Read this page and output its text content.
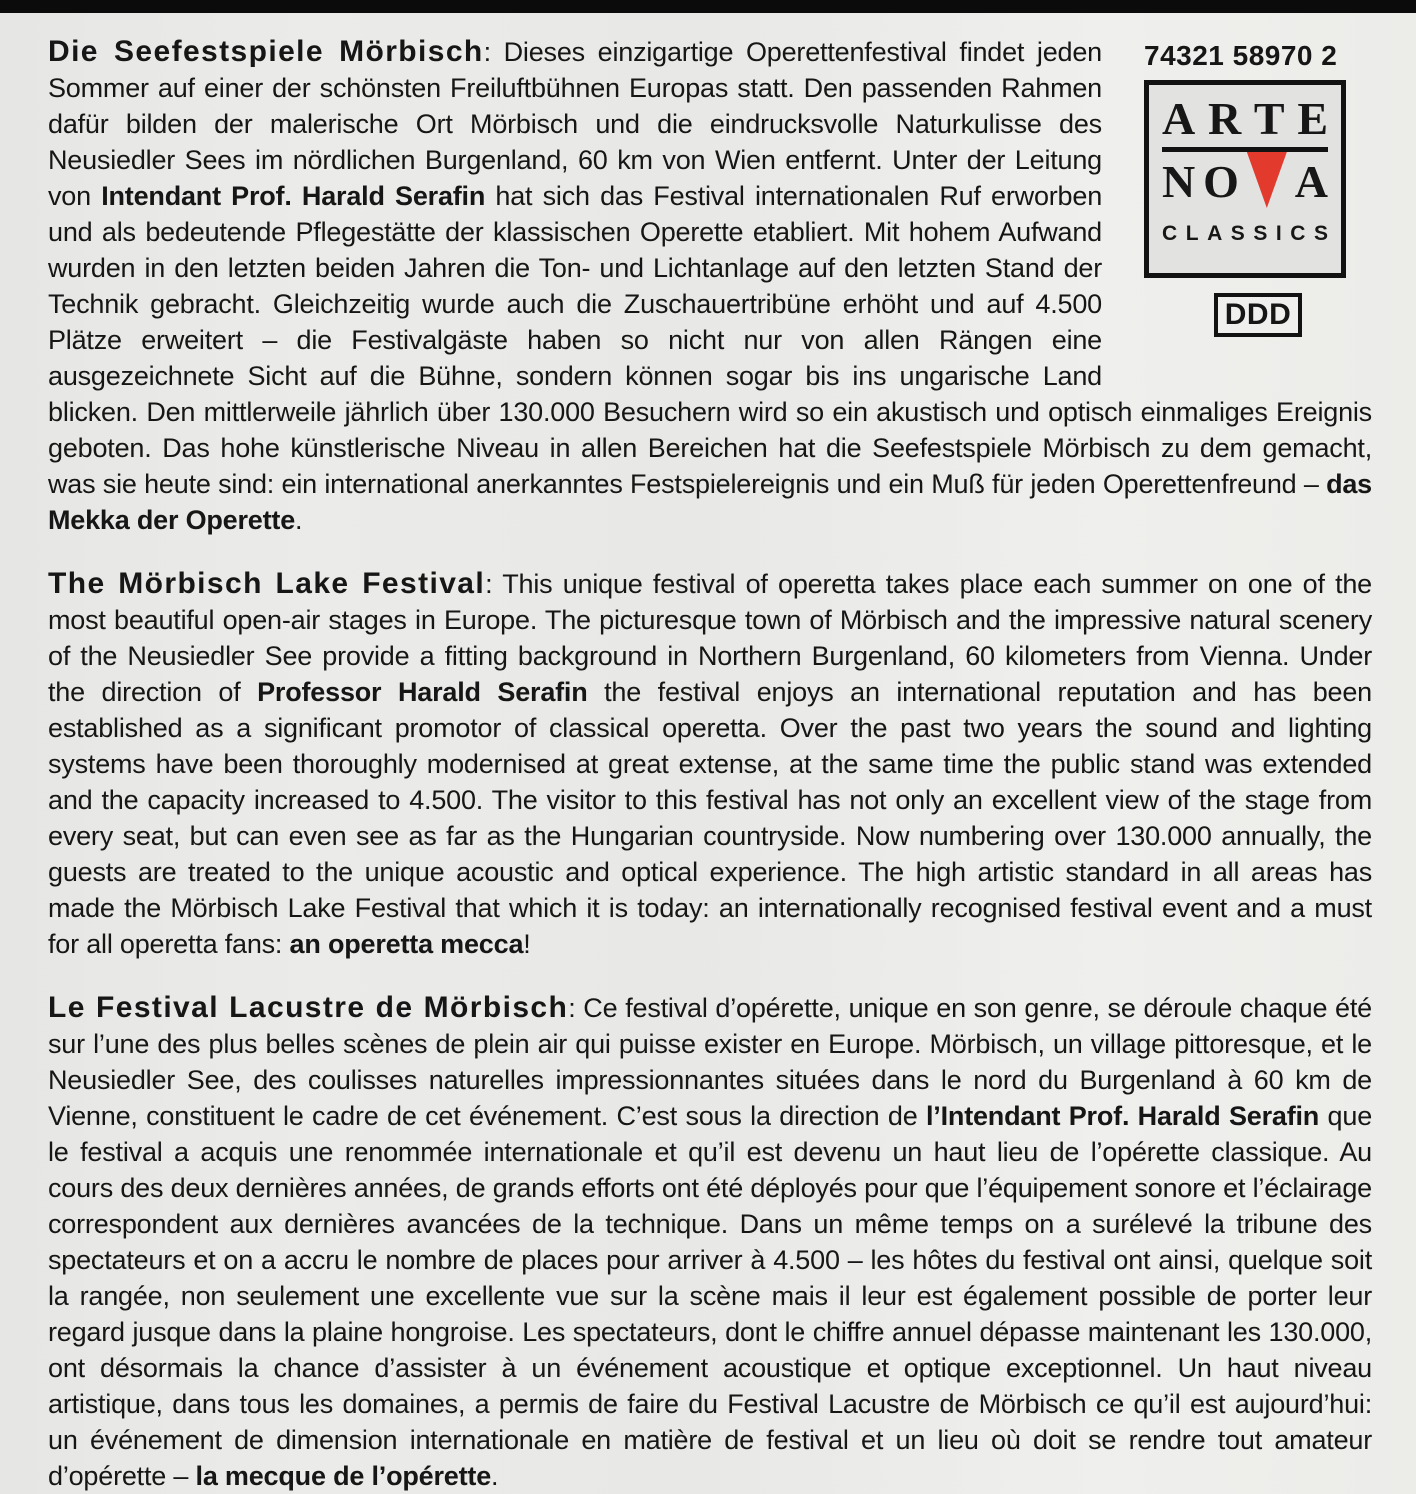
74321 58970 2
A R T E
N O A
C L A S S I C S
DDD

Die Seefestspiele Mörbisch: Dieses einzigartige Operettenfestival findet jeden Sommer auf einer der schönsten Freiluftbühnen Europas statt. Den passenden Rahmen dafür bilden der malerische Ort Mörbisch und die eindrucksvolle Naturkulisse des Neusiedler Sees im nördlichen Burgenland, 60 km von Wien entfernt. Unter der Leitung von Intendant Prof. Harald Serafin hat sich das Festival internationalen Ruf erworben und als bedeutende Pflegestätte der klassischen Operette etabliert. Mit hohem Aufwand wurden in den letzten beiden Jahren die Ton- und Lichtanlage auf den letzten Stand der Technik gebracht. Gleichzeitig wurde auch die Zuschauertribüne erhöht und auf 4.500 Plätze erweitert – die Festivalgäste haben so nicht nur von allen Rängen eine ausgezeichnete Sicht auf die Bühne, sondern können sogar bis ins ungarische Land blicken. Den mittlerweile jährlich über 130.000 Besuchern wird so ein akustisch und optisch einmaliges Ereignis geboten. Das hohe künstlerische Niveau in allen Bereichen hat die Seefestspiele Mörbisch zu dem gemacht, was sie heute sind: ein international anerkanntes Festspielereignis und ein Muß für jeden Operettenfreund – das Mekka der Operette.

The Mörbisch Lake Festival: This unique festival of operetta takes place each summer on one of the most beautiful open-air stages in Europe. The picturesque town of Mörbisch and the impressive natural scenery of the Neusiedler See provide a fitting background in Northern Burgenland, 60 kilometers from Vienna. Under the direction of Professor Harald Serafin the festival enjoys an international reputation and has been established as a significant promotor of classical operetta. Over the past two years the sound and lighting systems have been thoroughly modernised at great extense, at the same time the public stand was extended and the capacity increased to 4.500. The visitor to this festival has not only an excellent view of the stage from every seat, but can even see as far as the Hungarian countryside. Now numbering over 130.000 annually, the guests are treated to the unique acoustic and optical experience. The high artistic standard in all areas has made the Mörbisch Lake Festival that which it is today: an internationally recognised festival event and a must for all operetta fans: an operetta mecca!

Le Festival Lacustre de Mörbisch: Ce festival d’opérette, unique en son genre, se déroule chaque été sur l’une des plus belles scènes de plein air qui puisse exister en Europe. Mörbisch, un village pittoresque, et le Neusiedler See, des coulisses naturelles impressionnantes situées dans le nord du Burgenland à 60 km de Vienne, constituent le cadre de cet événement. C’est sous la direction de l’Intendant Prof. Harald Serafin que le festival a acquis une renommée internationale et qu’il est devenu un haut lieu de l’opérette classique. Au cours des deux dernières années, de grands efforts ont été déployés pour que l’équipement sonore et l’éclairage correspondent aux dernières avancées de la technique. Dans un même temps on a surélevé la tribune des spectateurs et on a accru le nombre de places pour arriver à 4.500 – les hôtes du festival ont ainsi, quelque soit la rangée, non seulement une excellente vue sur la scène mais il leur est également possible de porter leur regard jusque dans la plaine hongroise. Les spectateurs, dont le chiffre annuel dépasse maintenant les 130.000, ont désormais la chance d’assister à un événement acoustique et optique exceptionnel. Un haut niveau artistique, dans tous les domaines, a permis de faire du Festival Lacustre de Mörbisch ce qu’il est aujourd’hui: un événement de dimension internationale en matière de festival et un lieu où doit se rendre tout amateur d’opérette – la mecque de l’opérette.
